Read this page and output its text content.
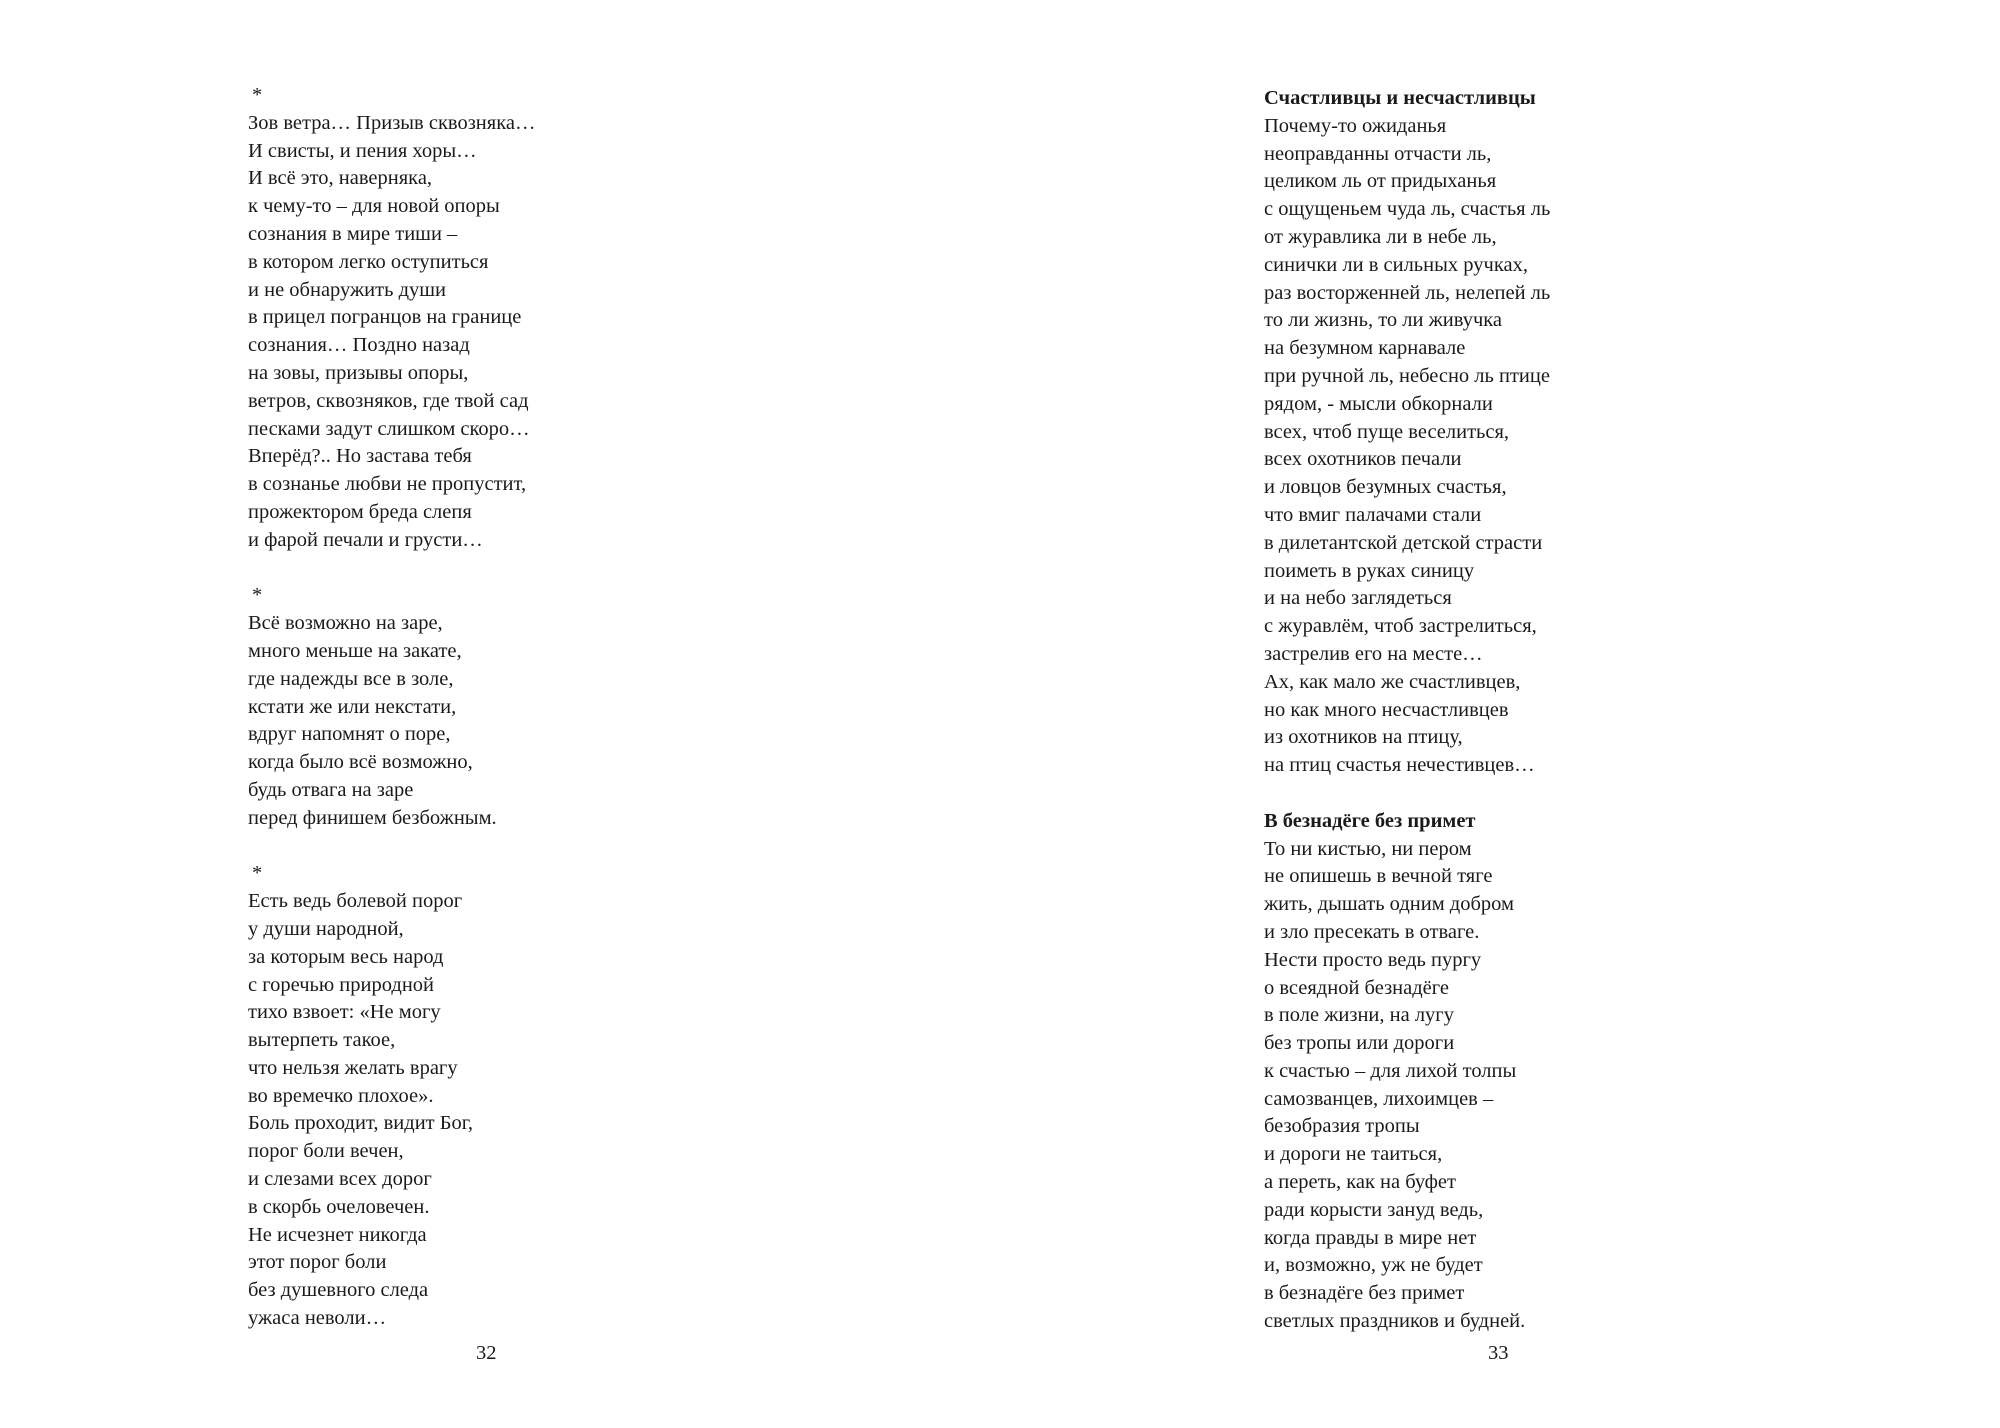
*
Зов ветра… Призыв сквозняка…
И свисты, и пения хоры…
И всё это, наверняка,
к чему-то – для новой опоры
сознания в мире тиши –
в котором легко оступиться
и не обнаружить души
в прицел погранцов на границе
сознания… Поздно назад
на зовы, призывы опоры,
ветров, сквозняков, где твой сад
песками задут слишком скоро…
Вперёд?.. Но застава тебя
в сознанье любви не пропустит,
прожектором бреда слепя
и фарой печали и грусти…
*
Всё возможно на заре,
много меньше на закате,
где надежды все в золе,
кстати же или некстати,
вдруг напомнят о поре,
когда было всё возможно,
будь отвага на заре
перед финишем безбожным.
*
Есть ведь болевой порог
у души народной,
за которым весь народ
с горечью природной
тихо взвоет: «Не могу
вытерпеть такое,
что нельзя желать врагу
во времечко плохое».
Боль проходит, видит Бог,
порог боли вечен,
и слезами всех дорог
в скорбь очеловечен.
Не исчезнет никогда
этот порог боли
без душевного следа
ужаса неволи…
32
Счастливцы и несчастливцы
Почему-то ожиданья
неоправданны отчасти ль,
целиком ль от придыханья
с ощущеньем чуда ль, счастья ль
от журавлика ли в небе ль,
синички ли в сильных ручках,
раз восторженней ль, нелепей ль
то ли жизнь, то ли живучка
на безумном карнавале
при ручной ль, небесно ль птице
рядом, - мысли обкорнали
всех, чтоб пуще веселиться,
всех охотников печали
и ловцов безумных счастья,
что вмиг палачами стали
в дилетантской детской страсти
поиметь в руках синицу
и на небо заглядеться
с журавлём, чтоб застрелиться,
застрелив его на месте…
Ах, как мало же счастливцев,
но как много несчастливцев
из охотников на птицу,
на птиц счастья нечестивцев…
В безнадёге без примет
То ни кистью, ни пером
не опишешь в вечной тяге
жить, дышать одним добром
и зло пресекать в отваге.
Нести просто ведь пургу
о всеядной безнадёге
в поле жизни, на лугу
без тропы или дороги
к счастью – для лихой толпы
самозванцев, лихоимцев –
безобразия тропы
и дороги не таиться,
а переть, как на буфет
ради корысти зануд ведь,
когда правды в мире нет
и, возможно, уж не будет
в безнадёге без примет
светлых праздников и будней.
33
